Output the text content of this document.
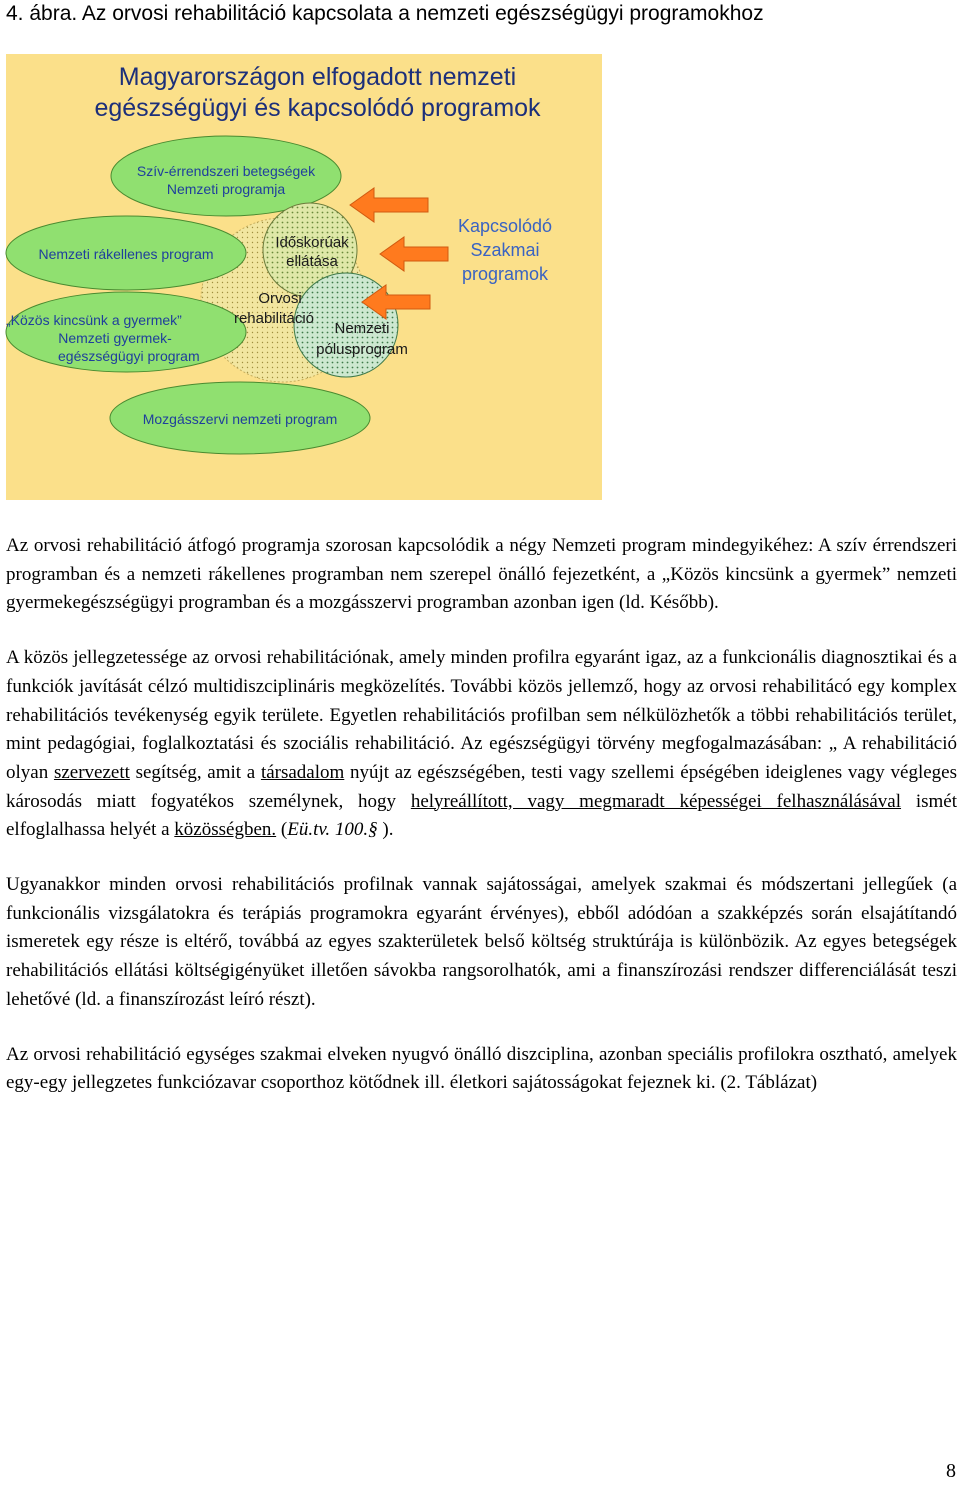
4. ábra. Az orvosi rehabilitáció kapcsolata a nemzeti egészségügyi programokhoz
Magyarországon elfogadott nemzeti
egészségügyi és kapcsolódó programok
Szív-érrendszeri betegségek
Nemzeti programja
Nemzeti rákellenes program
Időskorúak
ellátása
Orvosi
rehabilitáció
„Közös kincsünk a gyermek”
Nemzeti gyermek-
egészségügyi program
Nemzeti
pólusprogram
Kapcsolódó
Szakmai
programok
Mozgásszervi nemzeti program

Az orvosi rehabilitáció átfogó programja szorosan kapcsolódik a négy Nemzeti program mindegyikéhez: A szív érrendszeri programban és a nemzeti rákellenes programban nem szerepel önálló fejezetként, a „Közös kincsünk a gyermek” nemzeti gyermekegészségügyi programban és a mozgásszervi programban azonban igen (ld. Később).

A közös jellegzetessége az orvosi rehabilitációnak, amely minden profilra egyaránt igaz, az a funkcionális diagnosztikai és a funkciók javítását célzó multidiszciplináris megközelítés. További közös jellemző, hogy az orvosi rehabilitácó egy komplex rehabilitációs tevékenység egyik területe. Egyetlen rehabilitációs profilban sem nélkülözhetők a többi rehabilitációs terület, mint pedagógiai, foglalkoztatási és szociális rehabilitáció. Az egészségügyi törvény megfogalmazásában: „ A rehabilitáció olyan szervezett segítség, amit a társadalom nyújt az egészségében, testi vagy szellemi épségében ideiglenes vagy végleges károsodás miatt fogyatékos személynek, hogy helyreállított, vagy megmaradt képességei felhasználásával ismét elfoglalhassa helyét a közösségben. (Eü.tv. 100.§ ).

Ugyanakkor minden orvosi rehabilitációs profilnak vannak sajátosságai, amelyek szakmai és módszertani jellegűek (a funkcionális vizsgálatokra és terápiás programokra egyaránt érvényes), ebből adódóan a szakképzés során elsajátítandó ismeretek egy része is eltérő, továbbá az egyes szakterületek belső költség struktúrája is különbözik. Az egyes betegségek rehabilitációs ellátási költségigényüket illetően sávokba rangsorolhatók, ami a finanszírozási rendszer differenciálását teszi lehetővé (ld. a finanszírozást leíró részt).

Az orvosi rehabilitáció egységes szakmai elveken nyugvó önálló diszciplina, azonban speciális profilokra osztható, amelyek egy-egy jellegzetes funkciózavar csoporthoz kötődnek ill. életkori sajátosságokat fejeznek ki. (2. Táblázat)

8
